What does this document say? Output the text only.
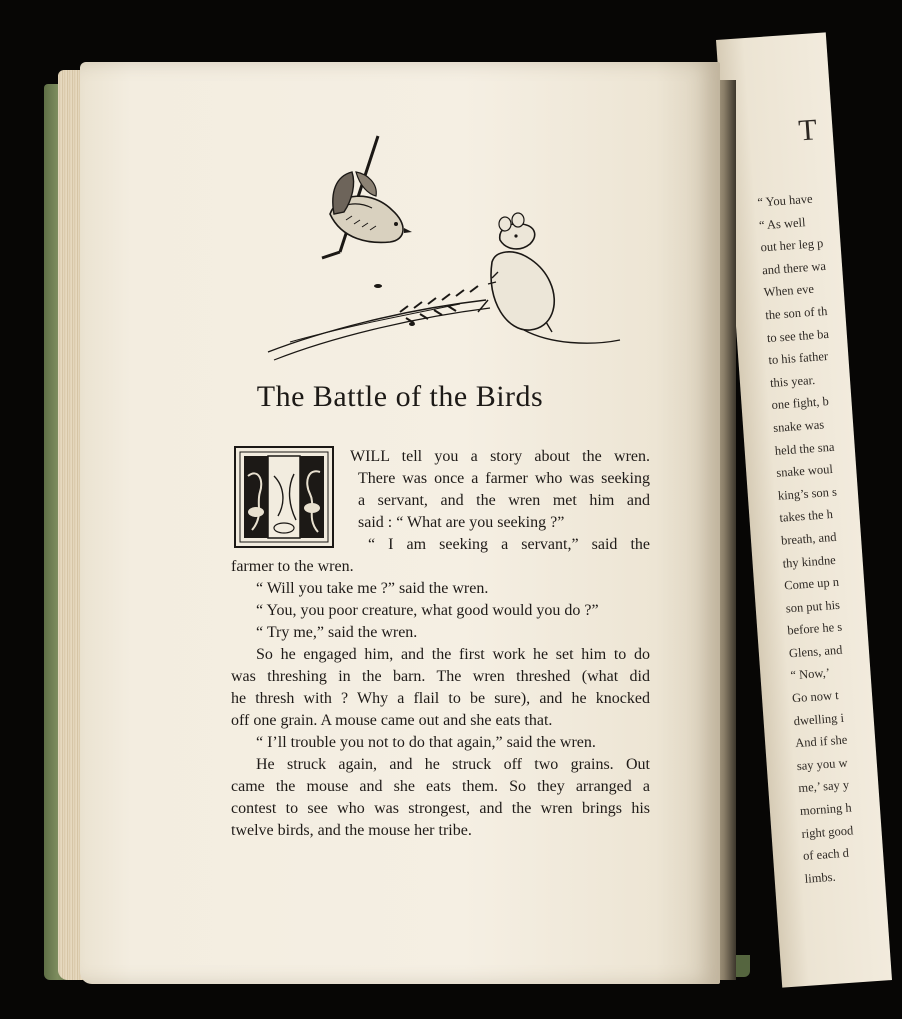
T
“ You have
“ As well
out her leg p
and there wa
When eve
the son of th
to see the ba
to his father
this year.
one fight, b
snake was
held the sna
snake woul
king’s son s
takes the h
breath, and
thy kindne
Come up n
son put his
before he s
Glens, and
“ Now,’
Go now t
dwelling i
And if she
say you w
me,’ say y
morning h
right good
of each d
limbs.
The Battle of the Birds
WILL tell you a story about the wren.
There was once a farmer who was seeking
a servant, and the wren met him and
said : “ What are you seeking ?”
“ I am seeking a servant,” said the
farmer to the wren.
“ Will you take me ?” said the wren.
“ You, you poor creature, what good would you do ?”
“ Try me,” said the wren.
So he engaged him, and the first work he set him to do
was threshing in the barn. The wren threshed (what did
he thresh with ? Why a flail to be sure), and he knocked
off one grain. A mouse came out and she eats that.
“ I’ll trouble you not to do that again,” said the wren.
He struck again, and he struck off two grains. Out
came the mouse and she eats them. So they arranged a
contest to see who was strongest, and the wren brings his
twelve birds, and the mouse her tribe.
